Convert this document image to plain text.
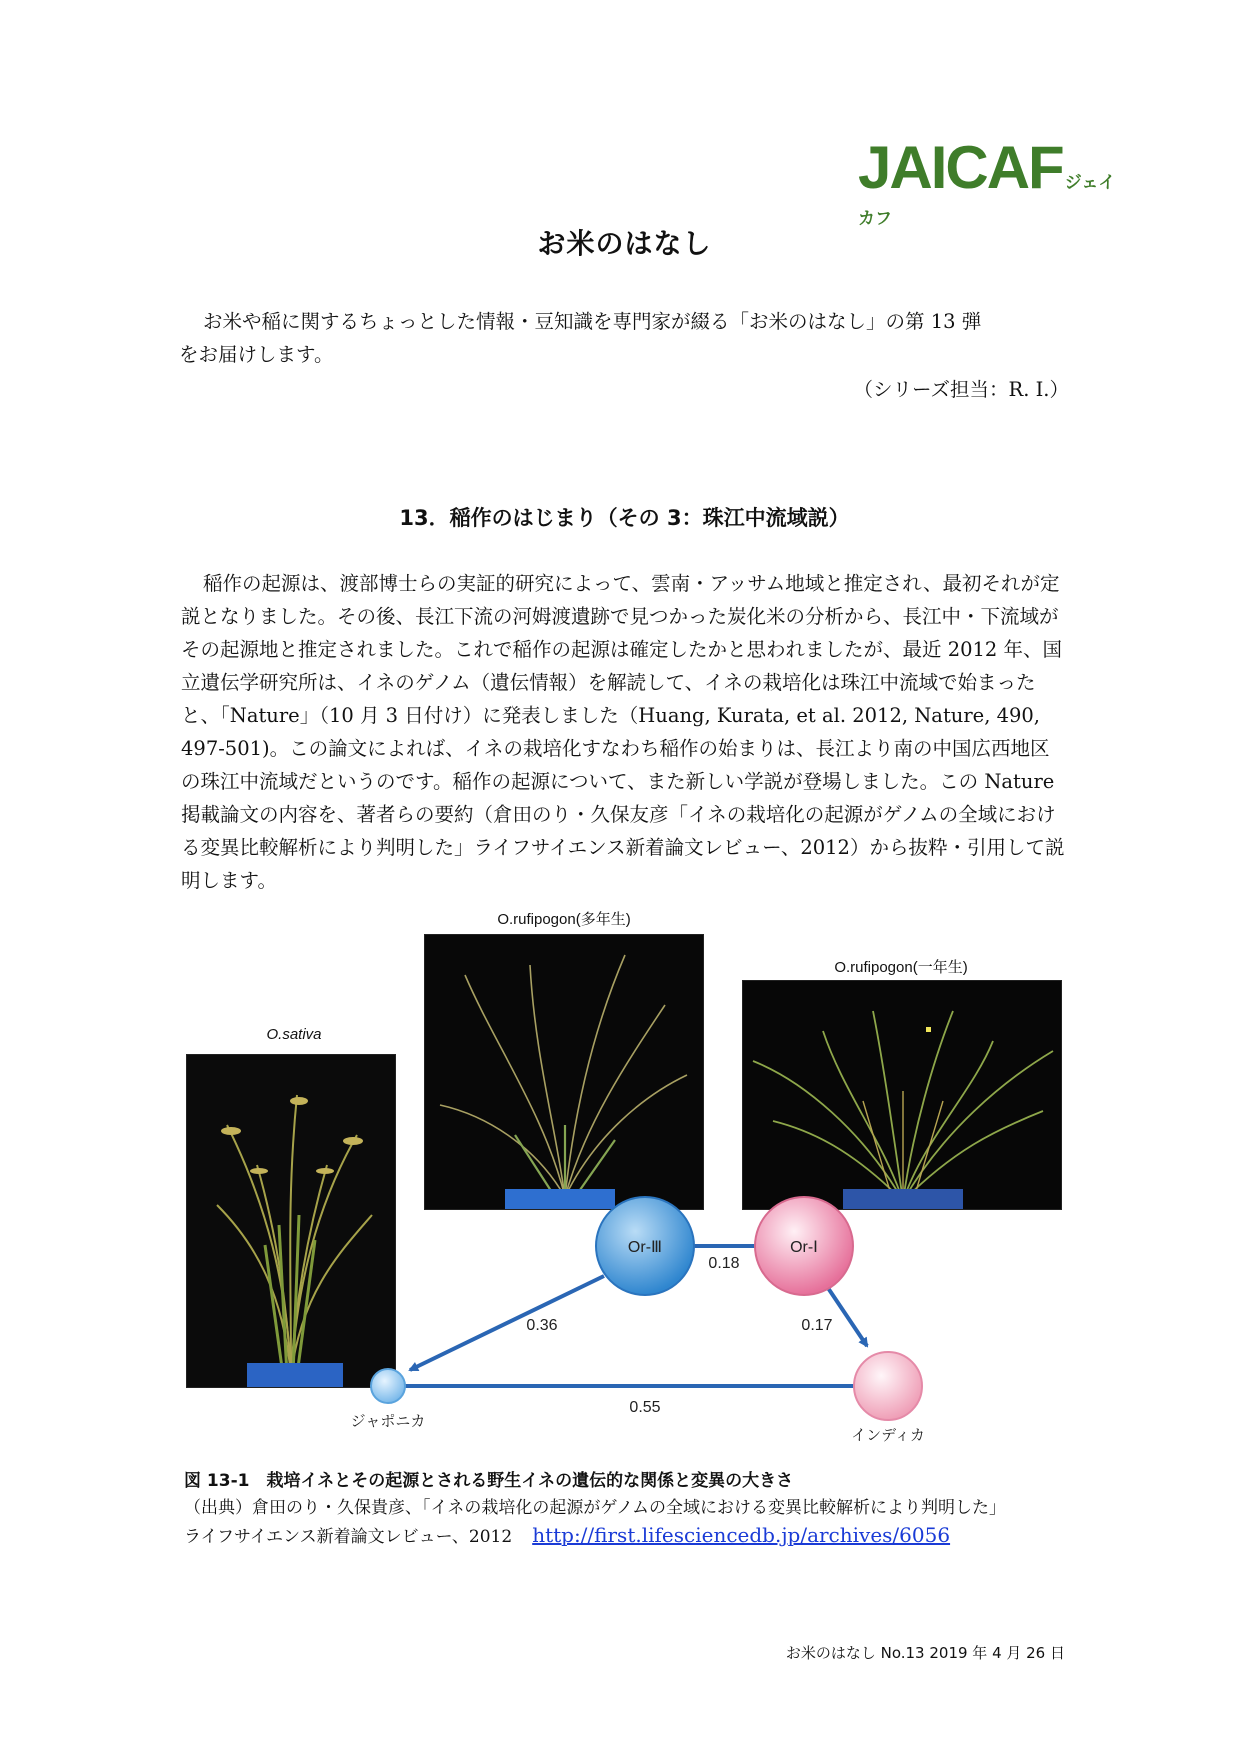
JAICAF ジェイカフ
お米のはなし

お米や稲に関するちょっとした情報・豆知識を専門家が綴る「お米のはなし」の第 13 弾

をお届けします。

（シリーズ担当：R. I.）
13．稲作のはじまり（その 3：珠江中流域説）

稲作の起源は、渡部博士らの実証的研究によって、雲南・アッサム地域と推定され、最初それが定説となりました。その後、長江下流の河姆渡遺跡で見つかった炭化米の分析から、長江中・下流域がその起源地と推定されました。これで稲作の起源は確定したかと思われましたが、最近 2012 年、国立遺伝学研究所は、イネのゲノム（遺伝情報）を解読して、イネの栽培化は珠江中流域で始まったと、「Nature」（10 月 3 日付け）に発表しました（Huang, Kurata, et al. 2012, Nature, 490, 497-501)。この論文によれば、イネの栽培化すなわち稲作の始まりは、長江より南の中国広西地区の珠江中流域だというのです。稲作の起源について、また新しい学説が登場しました。この Nature 掲載論文の内容を、著者らの要約（倉田のり・久保友彦「イネの栽培化の起源がゲノムの全域における変異比較解析により判明した」ライフサイエンス新着論文レビュー、2012）から抜粋・引用して説明します。

O.sativa
O.rufipogon(多年生)
O.rufipogon(一年生)
Or-Ⅲ	Or-Ⅰ
ジャポニカ
インディカ
0.18
0.36	0.17
0.55
図 13-1　栽培イネとその起源とされる野生イネの遺伝的な関係と変異の大きさ
（出典）倉田のり・久保貴彦、「イネの栽培化の起源がゲノムの全域における変異比較解析により判明した」
ライフサイエンス新着論文レビュー、2012 http://first.lifesciencedb.jp/archives/6056
お米のはなし No.13 2019 年 4 月 26 日
